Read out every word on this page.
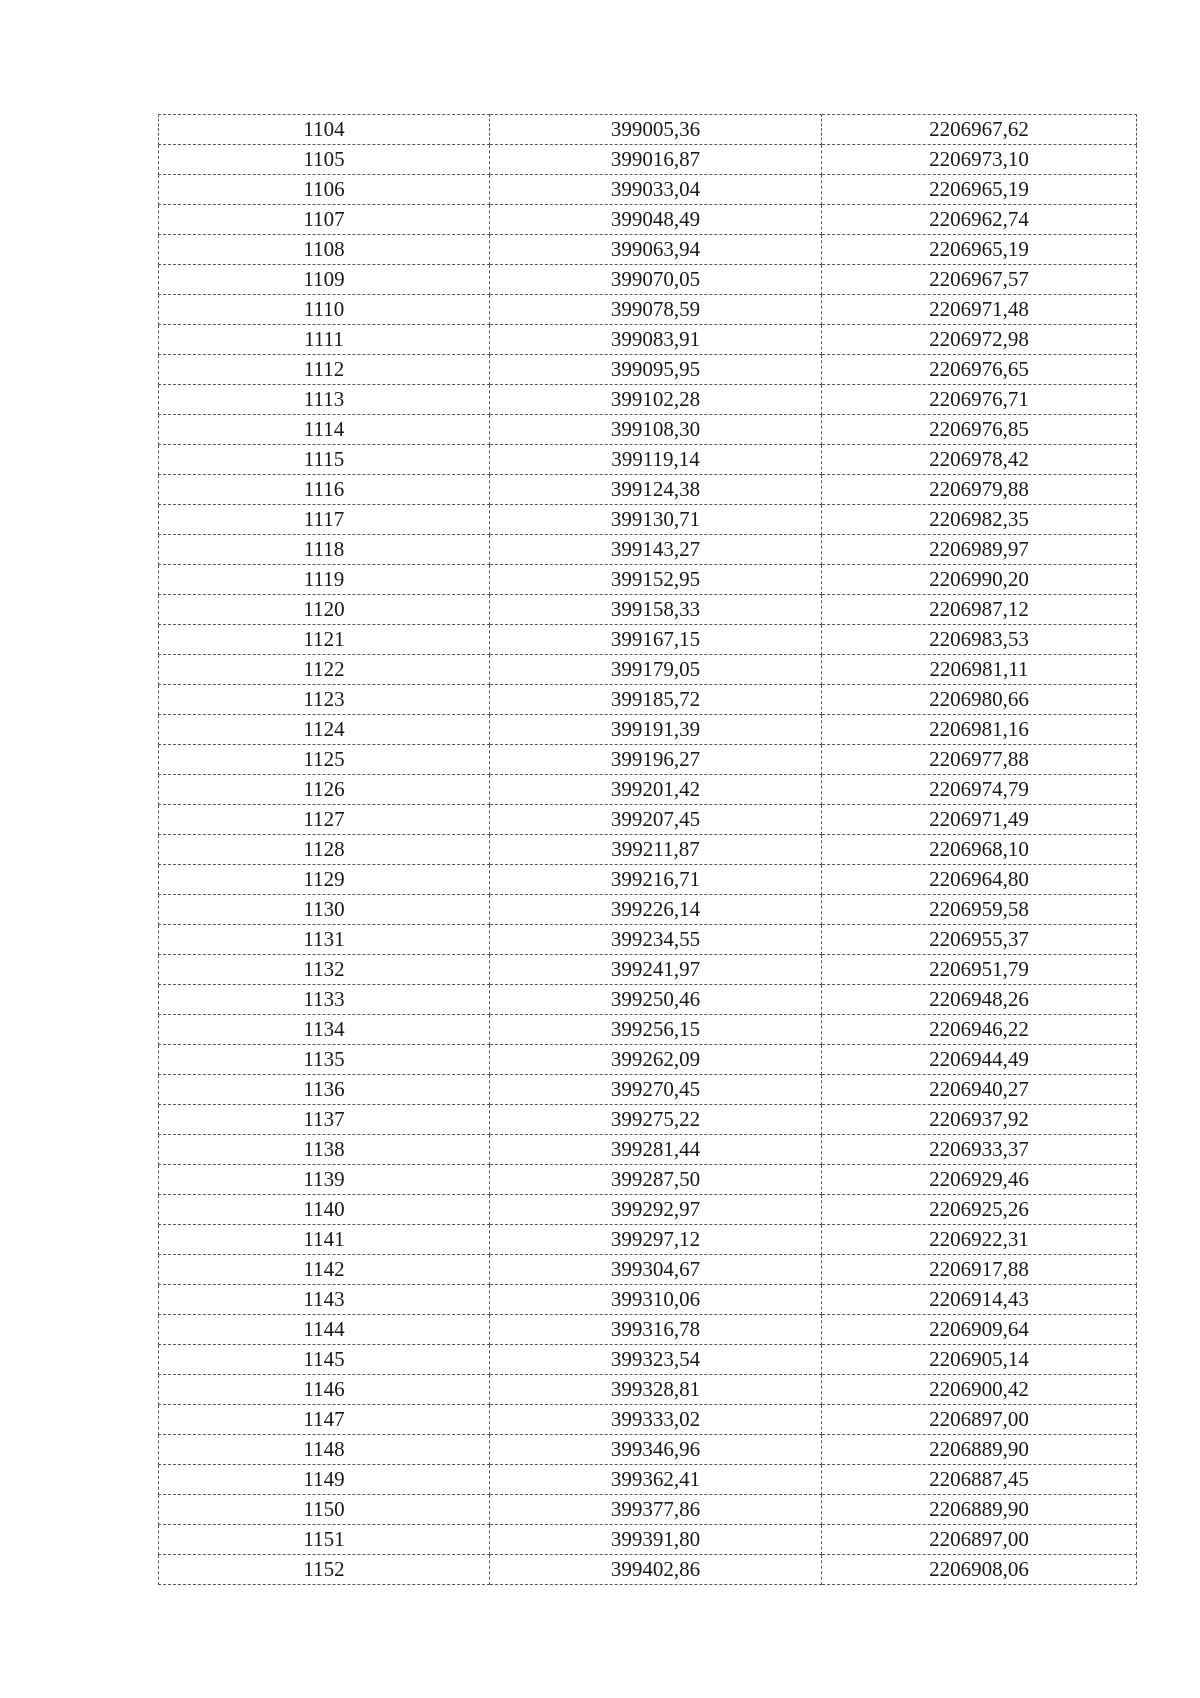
1104	399005,36	2206967,62
1105	399016,87	2206973,10
1106	399033,04	2206965,19
1107	399048,49	2206962,74
1108	399063,94	2206965,19
1109	399070,05	2206967,57
1110	399078,59	2206971,48
1111	399083,91	2206972,98
1112	399095,95	2206976,65
1113	399102,28	2206976,71
1114	399108,30	2206976,85
1115	399119,14	2206978,42
1116	399124,38	2206979,88
1117	399130,71	2206982,35
1118	399143,27	2206989,97
1119	399152,95	2206990,20
1120	399158,33	2206987,12
1121	399167,15	2206983,53
1122	399179,05	2206981,11
1123	399185,72	2206980,66
1124	399191,39	2206981,16
1125	399196,27	2206977,88
1126	399201,42	2206974,79
1127	399207,45	2206971,49
1128	399211,87	2206968,10
1129	399216,71	2206964,80
1130	399226,14	2206959,58
1131	399234,55	2206955,37
1132	399241,97	2206951,79
1133	399250,46	2206948,26
1134	399256,15	2206946,22
1135	399262,09	2206944,49
1136	399270,45	2206940,27
1137	399275,22	2206937,92
1138	399281,44	2206933,37
1139	399287,50	2206929,46
1140	399292,97	2206925,26
1141	399297,12	2206922,31
1142	399304,67	2206917,88
1143	399310,06	2206914,43
1144	399316,78	2206909,64
1145	399323,54	2206905,14
1146	399328,81	2206900,42
1147	399333,02	2206897,00
1148	399346,96	2206889,90
1149	399362,41	2206887,45
1150	399377,86	2206889,90
1151	399391,80	2206897,00
1152	399402,86	2206908,06
